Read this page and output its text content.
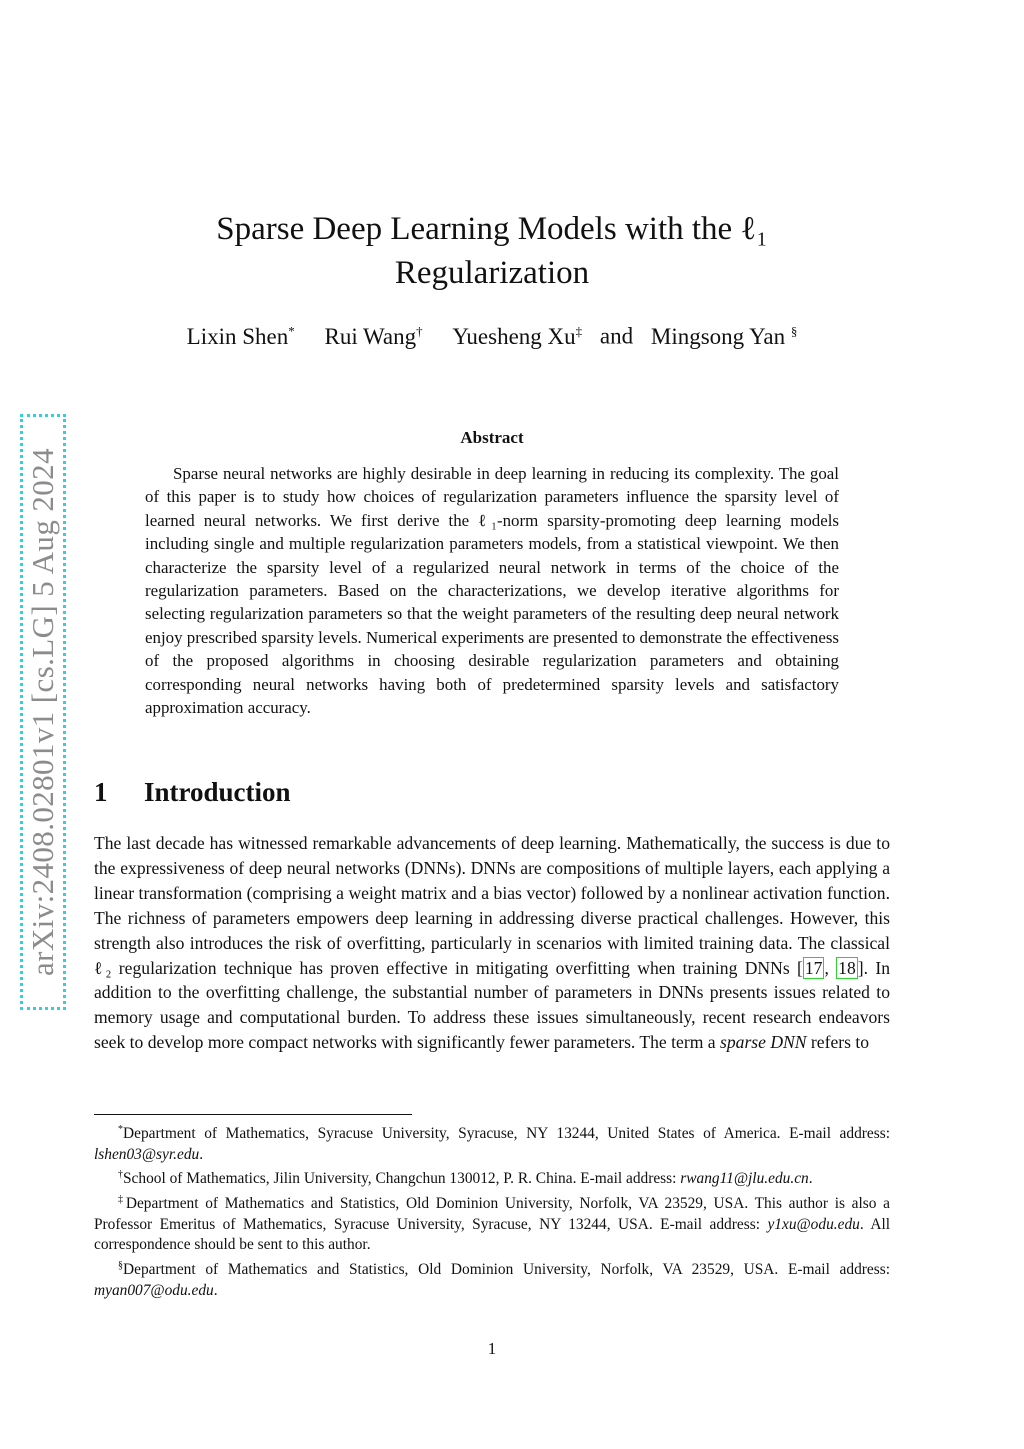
arXiv:2408.02801v1 [cs.LG] 5 Aug 2024
Sparse Deep Learning Models with the ℓ₁
Regularization
Lixin Shen* Rui Wang† Yuesheng Xu‡ and Mingsong Yan §
Abstract

Sparse neural networks are highly desirable in deep learning in reducing its complexity. The goal of this paper is to study how choices of regularization parameters influence the sparsity level of learned neural networks. We first derive the ℓ₁-norm sparsity-promoting deep learning models including single and multiple regularization parameters models, from a statistical viewpoint. We then characterize the sparsity level of a regularized neural network in terms of the choice of the regularization parameters. Based on the characterizations, we develop iterative algorithms for selecting regularization parameters so that the weight parameters of the resulting deep neural network enjoy prescribed sparsity levels. Numerical experiments are presented to demonstrate the effectiveness of the proposed algorithms in choosing desirable regularization parameters and obtaining corresponding neural networks having both of predetermined sparsity levels and satisfactory approximation accuracy.

1 Introduction

The last decade has witnessed remarkable advancements of deep learning. Mathematically, the success is due to the expressiveness of deep neural networks (DNNs). DNNs are compositions of multiple layers, each applying a linear transformation (comprising a weight matrix and a bias vector) followed by a nonlinear activation function. The richness of parameters empowers deep learning in addressing diverse practical challenges. However, this strength also introduces the risk of overfitting, particularly in scenarios with limited training data. The classical ℓ₂ regularization technique has proven effective in mitigating overfitting when training DNNs [ 17 , 18 ]. In addition to the overfitting challenge, the substantial number of parameters in DNNs presents issues related to memory usage and computational burden. To address these issues simultaneously, recent research endeavors seek to develop more compact networks with significantly fewer parameters. The term a sparse DNN refers to

*Department of Mathematics, Syracuse University, Syracuse, NY 13244, United States of America. E-mail address: lshen03@syr.edu.

†School of Mathematics, Jilin University, Changchun 130012, P. R. China. E-mail address: rwang11@jlu.edu.cn.

‡Department of Mathematics and Statistics, Old Dominion University, Norfolk, VA 23529, USA. This author is also a Professor Emeritus of Mathematics, Syracuse University, Syracuse, NY 13244, USA. E-mail address: y1xu@odu.edu. All correspondence should be sent to this author.

§Department of Mathematics and Statistics, Old Dominion University, Norfolk, VA 23529, USA. E-mail address: myan007@odu.edu.

1
